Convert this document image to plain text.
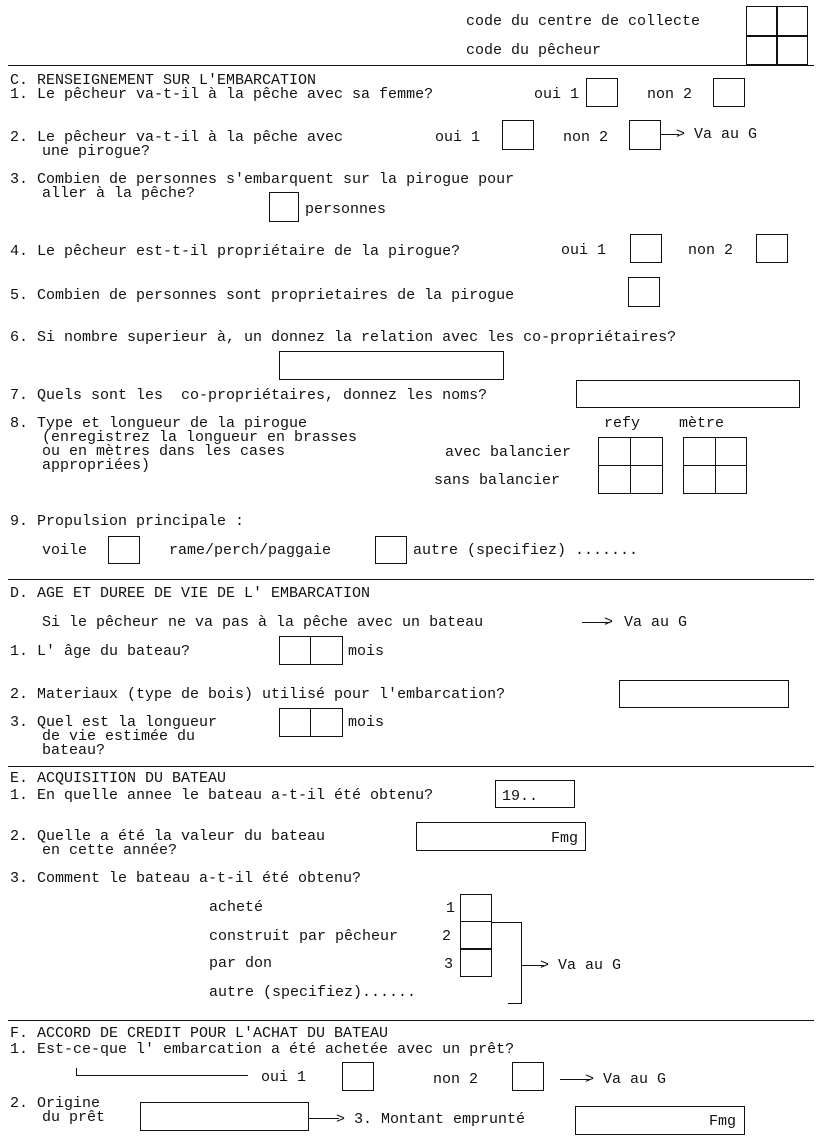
code du centre de collecte
code du pêcheur
C. RENSEIGNEMENT SUR L'EMBARCATION
1. Le pêcheur va-t-il à la pêche avec sa femme?	oui 1	non 2
2. Le pêcheur va-t-il à la pêche avec
une pirogue?
oui 1	non 2	> Va au G
3. Combien de personnes s'embarquent sur la pirogue pour
aller à la pêche?
personnes
4. Le pêcheur est-t-il propriétaire de la pirogue?	oui 1	non 2
5. Combien de personnes sont proprietaires de la pirogue
6. Si nombre superieur à, un donnez la relation avec les co-propriétaires?
7. Quels sont les  co-propriétaires, donnez les noms?
8. Type et longueur de la pirogue
(enregistrez la longueur en brasses
ou en mètres dans les cases
appropriées)
refy	mètre
avec balancier
sans balancier
9. Propulsion principale :
voile	rame/perch/paggaie	autre (specifiez) .......
D. AGE ET DUREE DE VIE DE L' EMBARCATION
Si le pêcheur ne va pas à la pêche avec un bateau	> Va au G
1. L' âge du bateau?	mois
2. Materiaux (type de bois) utilisé pour l'embarcation?
3. Quel est la longueur
de vie estimée du
bateau?
mois
E. ACQUISITION DU BATEAU
1. En quelle annee le bateau a-t-il été obtenu?	19..
2. Quelle a été la valeur du bateau
en cette année?
Fmg
3. Comment le bateau a-t-il été obtenu?
acheté	1
construit par pêcheur	2
par don	3
autre (specifiez)......
> Va au G
F. ACCORD DE CREDIT POUR L'ACHAT DU BATEAU
1. Est-ce-que l' embarcation a été achetée avec un prêt?
oui 1	non 2	> Va au G
2. Origine
du prêt	> 3. Montant emprunté	Fmg
